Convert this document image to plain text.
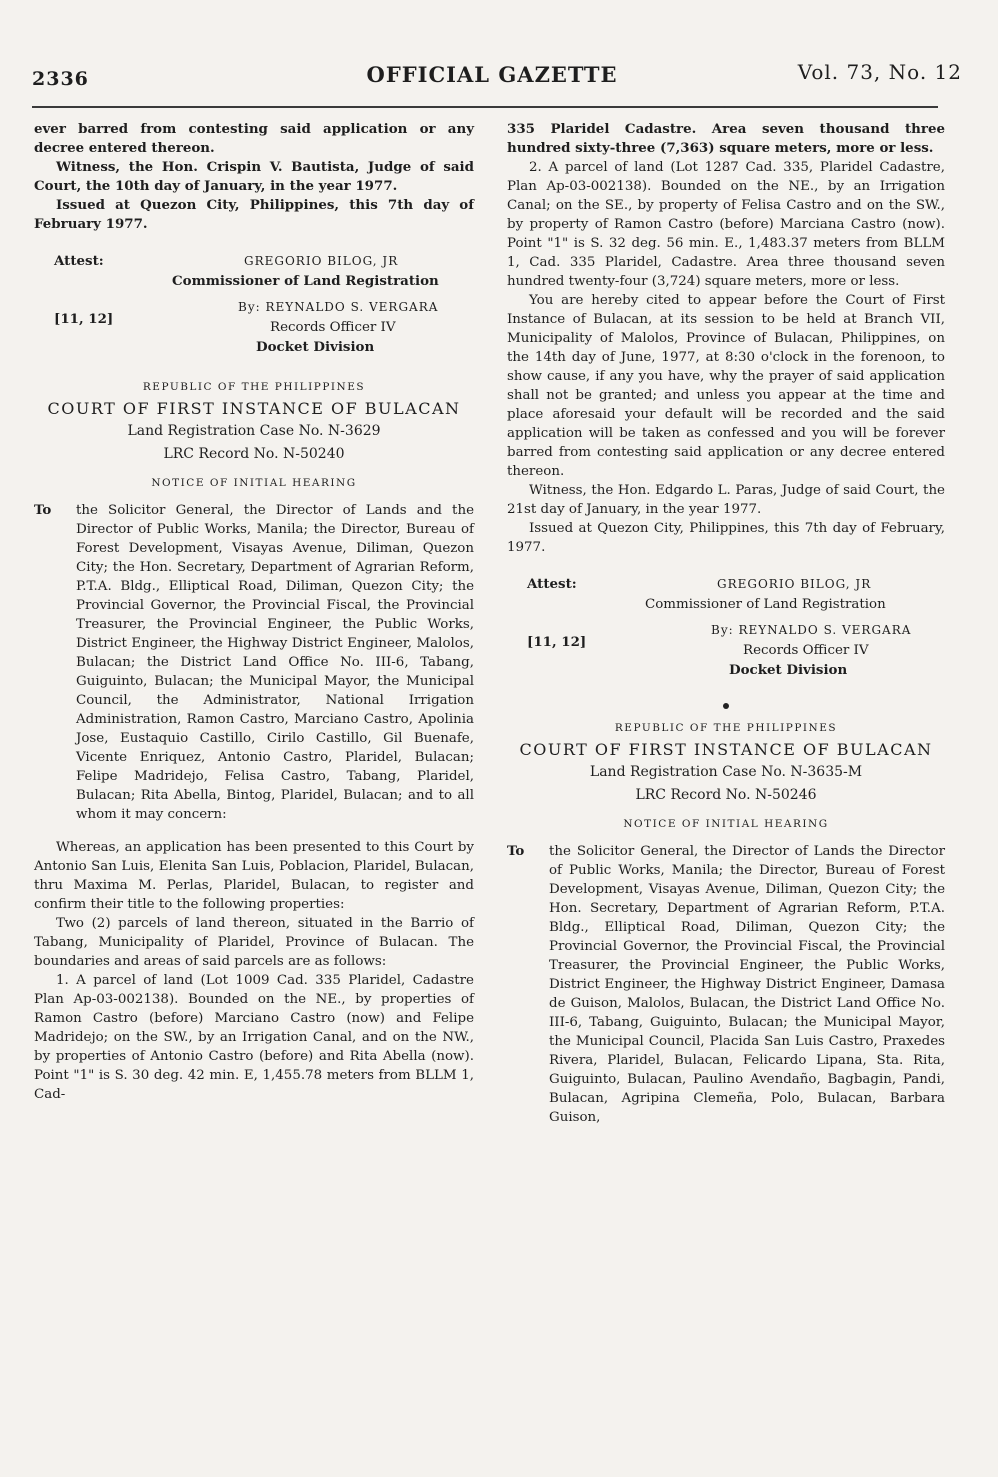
2336	OFFICIAL GAZETTE	Vol. 73, No. 12

ever barred from contesting said application or any decree entered thereon.

Witness, the Hon. Crispin V. Bautista, Judge of said Court, the 10th day of January, in the year 1977.

Issued at Quezon City, Philippines, this 7th day of February 1977.

Attest:	GREGORIO BILOG, JR
Commissioner of Land Registration
By: REYNALDO S. VERGARA
[11, 12]
Records Officer IV
Docket Division

REPUBLIC OF THE PHILIPPINES

COURT OF FIRST INSTANCE OF BULACAN

Land Registration Case No. N-3629

LRC Record No. N-50240

NOTICE OF INITIAL HEARING

To the Solicitor General, the Director of Lands and the Director of Public Works, Manila; the Director, Bureau of Forest Development, Visayas Avenue, Diliman, Quezon City; the Hon. Secretary, Department of Agrarian Reform, P.T.A. Bldg., Elliptical Road, Diliman, Quezon City; the Provincial Governor, the Provincial Fiscal, the Provincial Treasurer, the Provincial Engineer, the Public Works, District Engineer, the Highway District Engineer, Malolos, Bulacan; the District Land Office No. III-6, Tabang, Guiguinto, Bulacan; the Municipal Mayor, the Municipal Council, the Administrator, National Irrigation Administration, Ramon Castro, Marciano Castro, Apolinia Jose, Eustaquio Castillo, Cirilo Castillo, Gil Buenafe, Vicente Enriquez, Antonio Castro, Plaridel, Bulacan; Felipe Madridejo, Felisa Castro, Tabang, Plaridel, Bulacan; Rita Abella, Bintog, Plaridel, Bulacan; and to all whom it may concern:

Whereas, an application has been presented to this Court by Antonio San Luis, Elenita San Luis, Poblacion, Plaridel, Bulacan, thru Maxima M. Perlas, Plaridel, Bulacan, to register and confirm their title to the following properties:

Two (2) parcels of land thereon, situated in the Barrio of Tabang, Municipality of Plaridel, Province of Bulacan. The boundaries and areas of said parcels are as follows:

1. A parcel of land (Lot 1009 Cad. 335 Plaridel, Cadastre Plan Ap-03-002138). Bounded on the NE., by properties of Ramon Castro (before) Marciano Castro (now) and Felipe Madridejo; on the SW., by an Irrigation Canal, and on the NW., by properties of Antonio Castro (before) and Rita Abella (now). Point "1" is S. 30 deg. 42 min. E, 1,455.78 meters from BLLM 1, Cad-

335 Plaridel Cadastre. Area seven thousand three hundred sixty-three (7,363) square meters, more or less.

2. A parcel of land (Lot 1287 Cad. 335, Plaridel Cadastre, Plan Ap-03-002138). Bounded on the NE., by an Irrigation Canal; on the SE., by property of Felisa Castro and on the SW., by property of Ramon Castro (before) Marciana Castro (now). Point "1" is S. 32 deg. 56 min. E., 1,483.37 meters from BLLM 1, Cad. 335 Plaridel, Cadastre. Area three thousand seven hundred twenty-four (3,724) square meters, more or less.

You are hereby cited to appear before the Court of First Instance of Bulacan, at its session to be held at Branch VII, Municipality of Malolos, Province of Bulacan, Philippines, on the 14th day of June, 1977, at 8:30 o'clock in the forenoon, to show cause, if any you have, why the prayer of said application shall not be granted; and unless you appear at the time and place aforesaid your default will be recorded and the said application will be taken as confessed and you will be forever barred from contesting said application or any decree entered thereon.

Witness, the Hon. Edgardo L. Paras, Judge of said Court, the 21st day of January, in the year 1977.

Issued at Quezon City, Philippines, this 7th day of February, 1977.

Attest:	GREGORIO BILOG, JR
Commissioner of Land Registration
By: REYNALDO S. VERGARA
[11, 12]
Records Officer IV
Docket Division

REPUBLIC OF THE PHILIPPINES

COURT OF FIRST INSTANCE OF BULACAN

Land Registration Case No. N-3635-M

LRC Record No. N-50246

NOTICE OF INITIAL HEARING

To the Solicitor General, the Director of Lands the Director of Public Works, Manila; the Director, Bureau of Forest Development, Visayas Avenue, Diliman, Quezon City; the Hon. Secretary, Department of Agrarian Reform, P.T.A. Bldg., Elliptical Road, Diliman, Quezon City; the Provincial Governor, the Provincial Fiscal, the Provincial Treasurer, the Provincial Engineer, the Public Works, District Engineer, the Highway District Engineer, Damasa de Guison, Malolos, Bulacan, the District Land Office No. III-6, Tabang, Guiguinto, Bulacan; the Municipal Mayor, the Municipal Council, Placida San Luis Castro, Praxedes Rivera, Plaridel, Bulacan, Felicardo Lipana, Sta. Rita, Guiguinto, Bulacan, Paulino Avendaño, Bagbagin, Pandi, Bulacan, Agripina Clemeña, Polo, Bulacan, Barbara Guison,
